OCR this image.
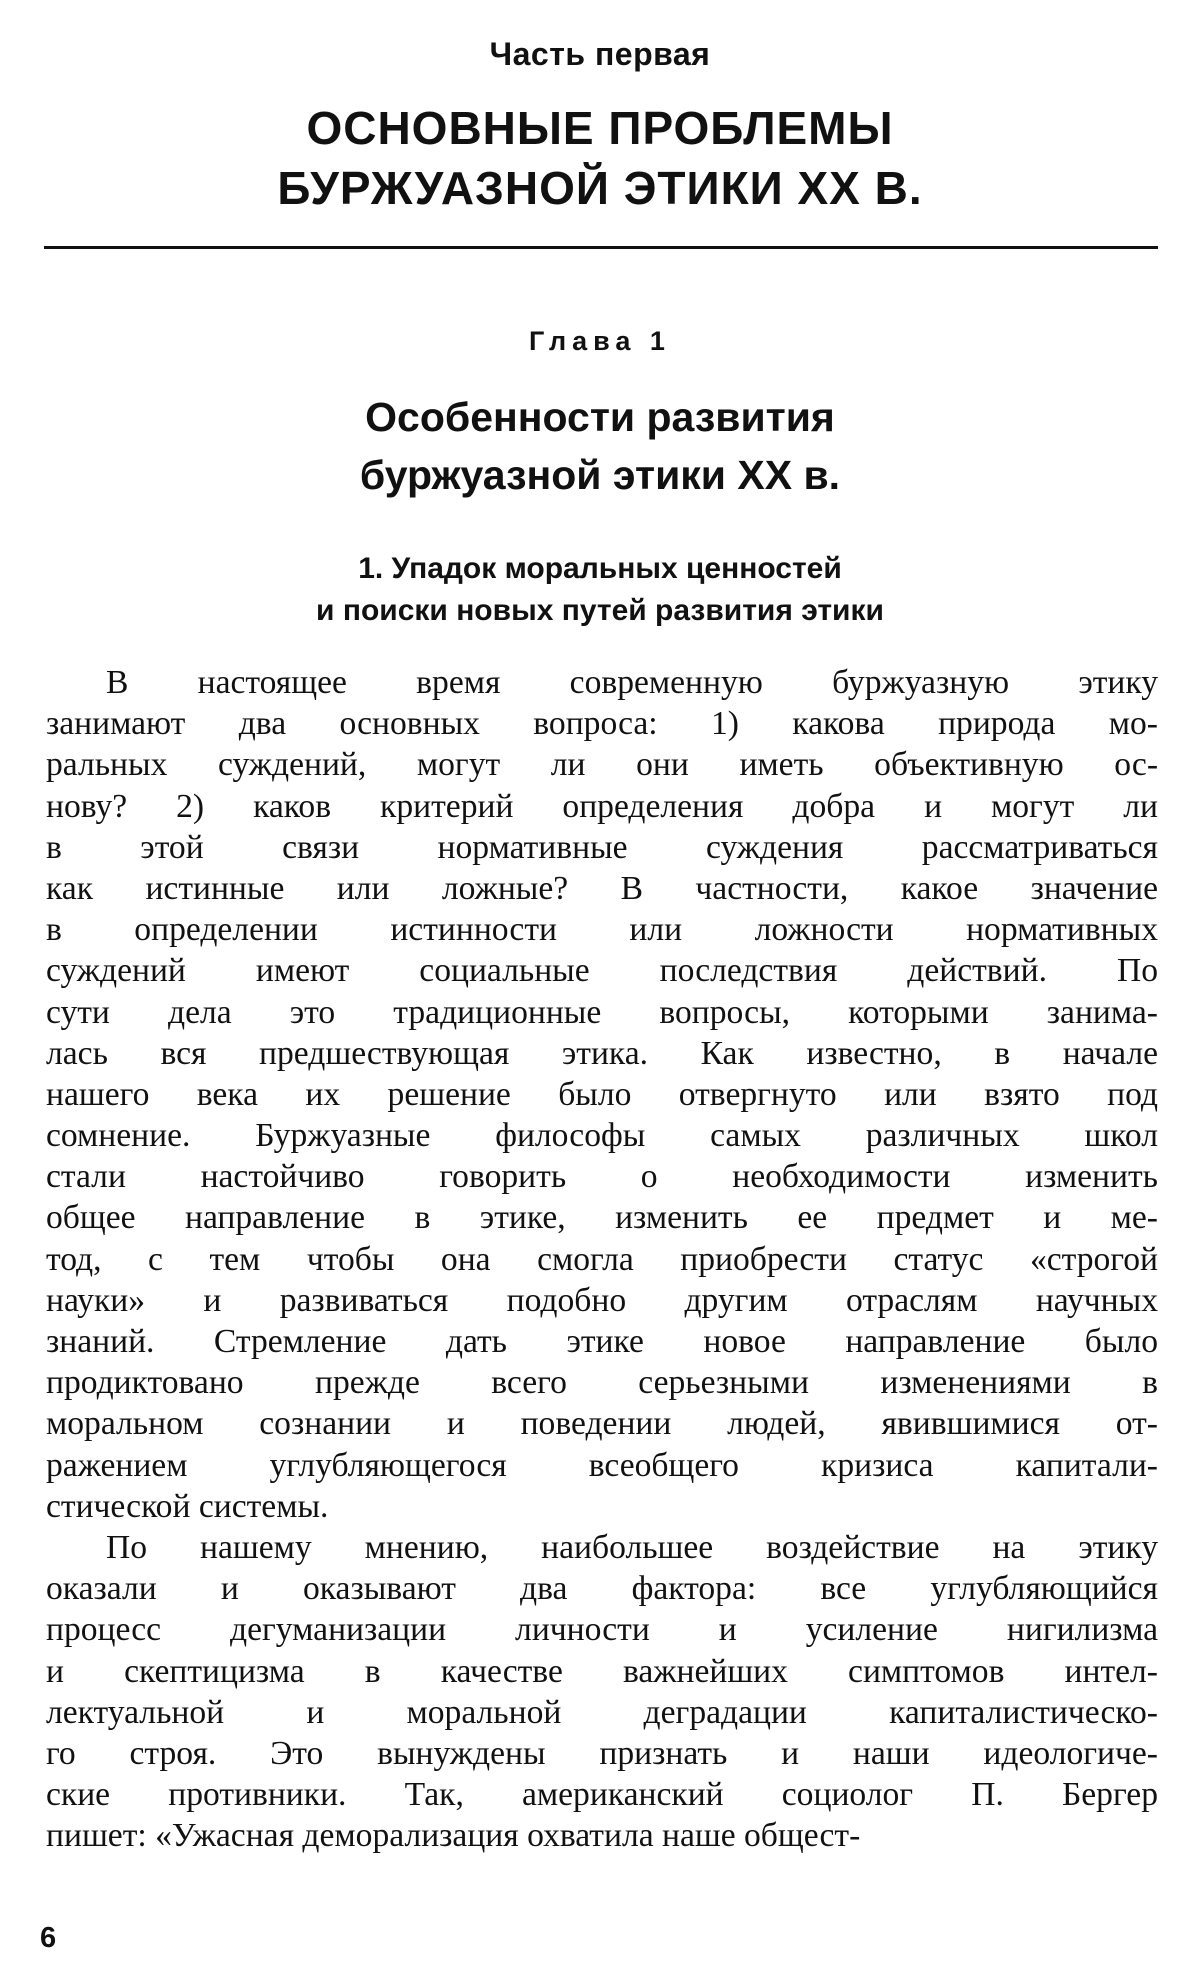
Часть первая
ОСНОВНЫЕ ПРОБЛЕМЫ
БУРЖУАЗНОЙ ЭТИКИ XX В.
Глава 1
Особенности развития
буржуазной этики XX в.
1. Упадок моральных ценностей
и поиски новых путей развития этики
В настоящее время современную буржуазную этику
занимают два основных вопроса: 1) какова природа мо-
ральных суждений, могут ли они иметь объективную ос-
нову? 2) каков критерий определения добра и могут ли
в этой связи нормативные суждения рассматриваться
как истинные или ложные? В частности, какое значение
в определении истинности или ложности нормативных
суждений имеют социальные последствия действий. По
сути дела это традиционные вопросы, которыми занима-
лась вся предшествующая этика. Как известно, в начале
нашего века их решение было отвергнуто или взято под
сомнение. Буржуазные философы самых различных школ
стали настойчиво говорить о необходимости изменить
общее направление в этике, изменить ее предмет и ме-
тод, с тем чтобы она смогла приобрести статус «строгой
науки» и развиваться подобно другим отраслям научных
знаний. Стремление дать этике новое направление было
продиктовано прежде всего серьезными изменениями в
моральном сознании и поведении людей, явившимися от-
ражением углубляющегося всеобщего кризиса капитали-
стической системы.
По нашему мнению, наибольшее воздействие на этику
оказали и оказывают два фактора: все углубляющийся
процесс дегуманизации личности и усиление нигилизма
и скептицизма в качестве важнейших симптомов интел-
лектуальной и моральной деградации капиталистическо-
го строя. Это вынуждены признать и наши идеологиче-
ские противники. Так, американский социолог П. Бергер
пишет: «Ужасная деморализация охватила наше общест-
6
